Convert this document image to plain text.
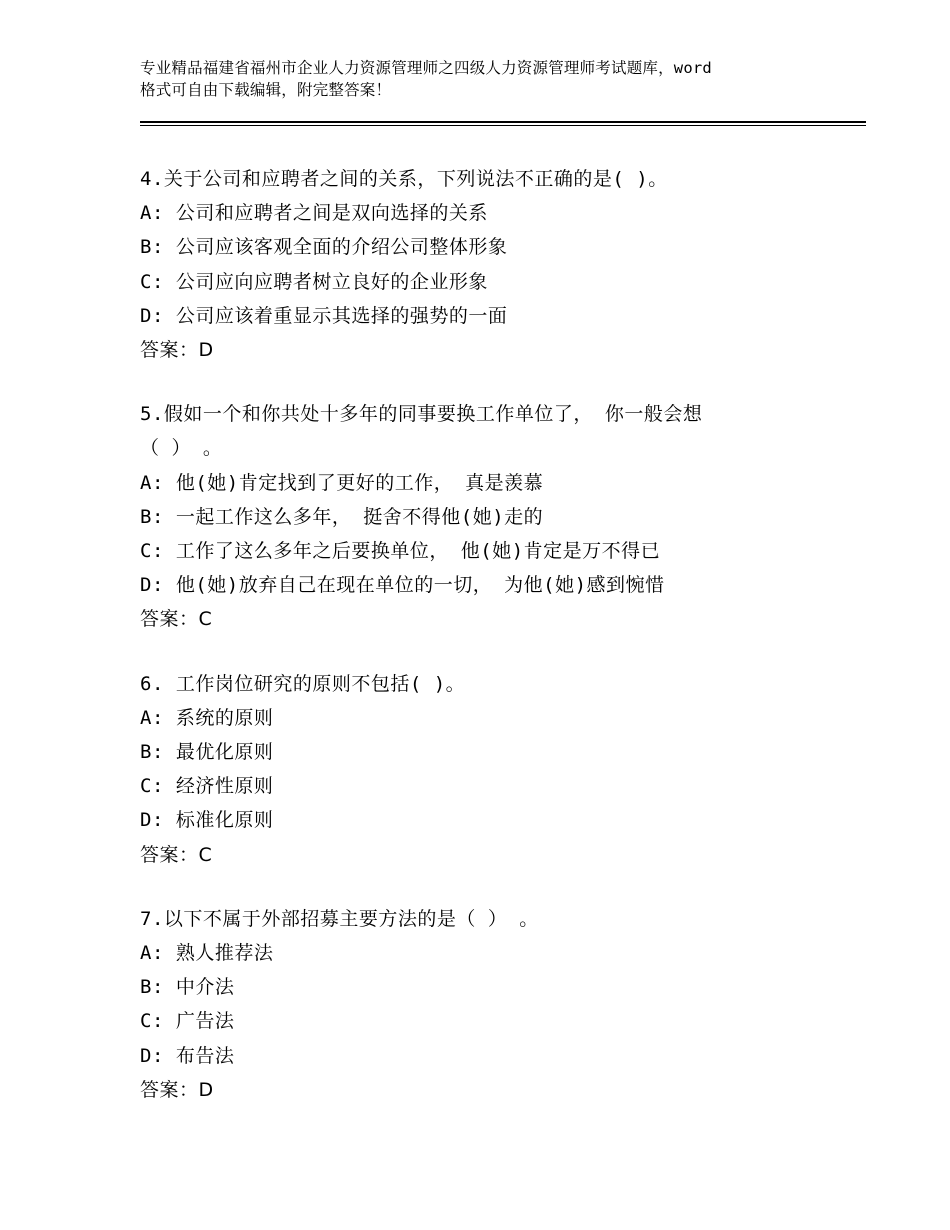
专业精品福建省福州市企业人力资源管理师之四级人力资源管理师考试题库，word
格式可自由下载编辑，附完整答案！
4.关于公司和应聘者之间的关系，下列说法不正确的是( )。
A: 公司和应聘者之间是双向选择的关系
B: 公司应该客观全面的介绍公司整体形象
C: 公司应向应聘者树立良好的企业形象
D: 公司应该着重显示其选择的强势的一面
答案：D
5.假如一个和你共处十多年的同事要换工作单位了， 你一般会想
（ ） 。
A: 他(她)肯定找到了更好的工作， 真是羡慕
B: 一起工作这么多年， 挺舍不得他(她)走的
C: 工作了这么多年之后要换单位， 他(她)肯定是万不得已
D: 他(她)放弃自己在现在单位的一切， 为他(她)感到惋惜
答案：C
6. 工作岗位研究的原则不包括( )。
A: 系统的原则
B: 最优化原则
C: 经济性原则
D: 标准化原则
答案：C
7.以下不属于外部招募主要方法的是（ ） 。
A: 熟人推荐法
B: 中介法
C: 广告法
D: 布告法
答案：D
